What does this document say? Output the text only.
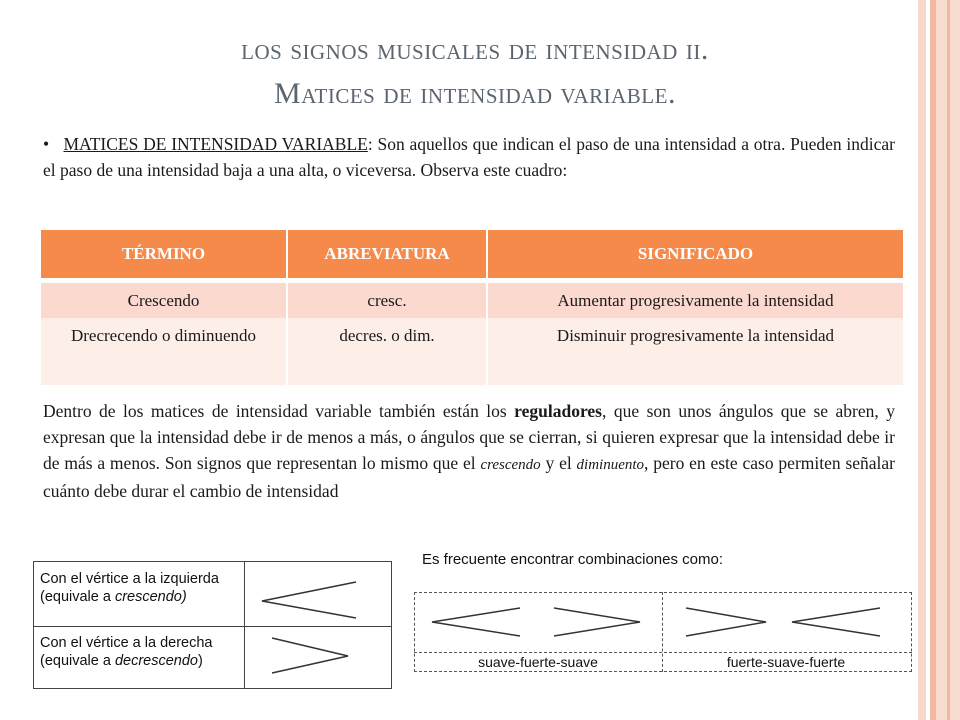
los signos musicales de intensidad ii.
Matices de intensidad variable.
• MATICES DE INTENSIDAD VARIABLE: Son aquellos que indican el paso de una intensidad a otra. Pueden indicar el paso de una intensidad baja a una alta, o viceversa. Observa este cuadro:
TÉRMINO	ABREVIATURA	SIGNIFICADO
Crescendo	cresc.	Aumentar progresivamente la intensidad
Drecrecendo o diminuendo	decres. o dim.	Disminuir progresivamente la intensidad
Dentro de los matices de intensidad variable también están los reguladores, que son unos ángulos que se abren, y expresan que la intensidad debe ir de menos a más, o ángulos que se cierran, si quieren expresar que la intensidad debe ir de más a menos. Son signos que representan lo mismo que el crescendo y el diminuento, pero en este caso permiten señalar cuánto debe durar el cambio de intensidad
Con el vértice a la izquierda
(equivale a crescendo)
Con el vértice a la derecha
(equivale a decrescendo)
Es frecuente encontrar combinaciones como:
suave-fuerte-suave	fuerte-suave-fuerte
